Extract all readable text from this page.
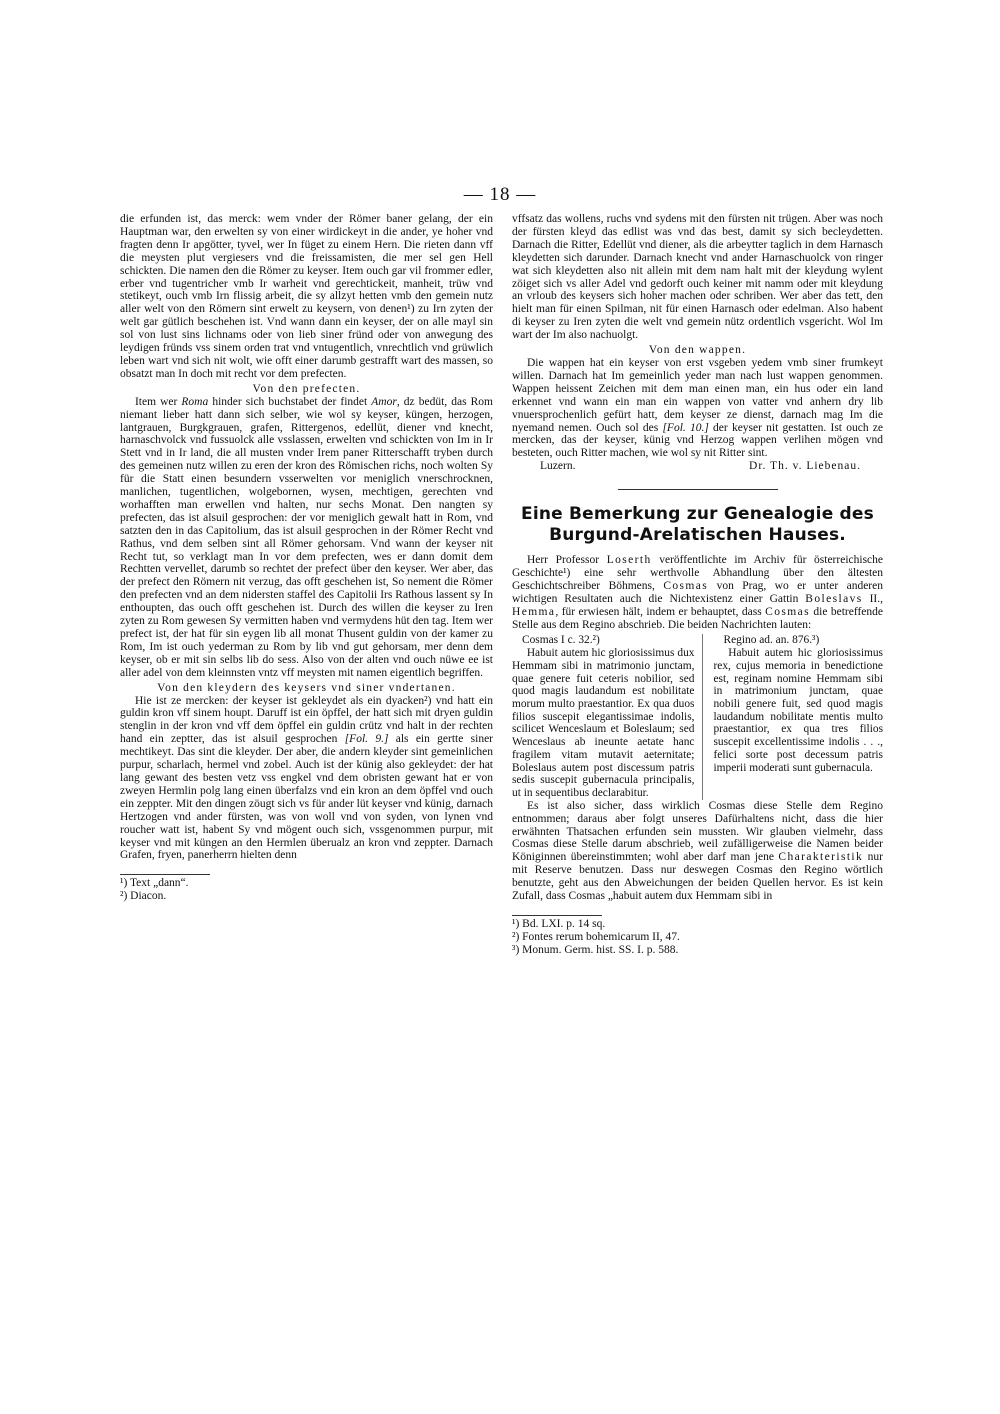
— 18 —

die erfunden ist, das merck: wem vnder der Römer baner gelang, der ein Hauptman war, den erwelten sy von einer wirdickeyt in die ander, ye hoher vnd fragten denn Ir apgötter, tyvel, wer In füget zu einem Hern. Die rieten dann vff die meysten plut vergiesers vnd die freissamisten, die mer sel gen Hell schickten. Die namen den die Römer zu keyser. Item ouch gar vil frommer edler, erber vnd tugentricher vmb Ir warheit vnd gerechtickeit, manheit, trüw vnd stetikeyt, ouch vmb Irn flissig arbeit, die sy allzyt hetten vmb den gemein nutz aller welt von den Römern sint erwelt zu keysern, von denen¹) zu Irn zyten der welt gar gütlich beschehen ist. Vnd wann dann ein keyser, der on alle mayl sin sol von lust sins lichnams oder von lieb siner fründ oder von anwegung des leydigen fründs vss sinem orden trat vnd vntugentlich, vnrechtlich vnd grüwlich leben wart vnd sich nit wolt, wie offt einer darumb gestrafft wart des massen, so obsatzt man In doch mit recht vor dem prefecten.

Von den prefecten.

Item wer Roma hinder sich buchstabet der findet Amor, dz bedüt, das Rom niemant lieber hatt dann sich selber, wie wol sy keyser, küngen, herzogen, lantgrauen, Burgkgrauen, grafen, Rittergenos, edellüt, diener vnd knecht, harnaschvolck vnd fussuolck alle vsslassen, erwelten vnd schickten von Im in Ir Stett vnd in Ir land, die all musten vnder Irem paner Ritterschafft tryben durch des gemeinen nutz willen zu eren der kron des Römischen richs, noch wolten Sy für die Statt einen besundern vsserwelten vor meniglich vnerschrocknen, manlichen, tugentlichen, wolgebornen, wysen, mechtigen, gerechten vnd worhafften man erwellen vnd halten, nur sechs Monat. Den nangten sy prefecten, das ist alsuil gesprochen: der vor meniglich gewalt hatt in Rom, vnd satzten den in das Capitolium, das ist alsuil gesprochen in der Römer Recht vnd Rathus, vnd dem selben sint all Römer gehorsam. Vnd wann der keyser nit Recht tut, so verklagt man In vor dem prefecten, wes er dann domit dem Rechtten vervellet, darumb so rechtet der prefect über den keyser. Wer aber, das der prefect den Römern nit verzug, das offt geschehen ist, So nement die Römer den prefecten vnd an dem nidersten staffel des Capitolii Irs Rathous lassent sy In enthoupten, das ouch offt geschehen ist. Durch des willen die keyser zu Iren zyten zu Rom gewesen Sy vermitten haben vnd vermydens hüt den tag. Item wer prefect ist, der hat für sin eygen lib all monat Thusent guldin von der kamer zu Rom, Im ist ouch yederman zu Rom by lib vnd gut gehorsam, mer denn dem keyser, ob er mit sin selbs lib do sess. Also von der alten vnd ouch nüwe ee ist aller adel von dem kleinnsten vntz vff meysten mit namen eigentlich begriffen.

Von den kleydern des keysers vnd siner vndertanen.

Hie ist ze mercken: der keyser ist gekleydet als ein dyacken²) vnd hatt ein guldin kron vff sinem houpt. Daruff ist ein öpffel, der hatt sich mit dryen guldin stenglin in der kron vnd vff dem öpffel ein guldin crütz vnd halt in der rechten hand ein zeptter, das ist alsuil gesprochen [Fol. 9.] als ein gertte siner mechtikeyt. Das sint die kleyder. Der aber, die andern kleyder sint gemeinlichen purpur, scharlach, hermel vnd zobel. Auch ist der künig also gekleydet: der hat lang gewant des besten vetz vss engkel vnd dem obristen gewant hat er von zweyen Hermlin polg lang einen überfalzs vnd ein kron an dem öpffel vnd ouch ein zeppter. Mit den dingen zöugt sich vs für ander lüt keyser vnd künig, darnach Hertzogen vnd ander fürsten, was von woll vnd von syden, von lynen vnd roucher watt ist, habent Sy vnd mögent ouch sich, vssgenommen purpur, mit keyser vnd mit küngen an den Hermlen überualz an kron vnd zeppter. Darnach Grafen, fryen, panerherrn hielten denn

¹) Text „dann“.
²) Diacon.

vffsatz das wollens, ruchs vnd sydens mit den fürsten nit trügen. Aber was noch der fürsten kleyd das edlist was vnd das best, damit sy sich becleydetten. Darnach die Ritter, Edellüt vnd diener, als die arbeytter taglich in dem Harnasch kleydetten sich darunder. Darnach knecht vnd ander Harnaschuolck von ringer wat sich kleydetten also nit allein mit dem nam halt mit der kleydung wylent zöiget sich vs aller Adel vnd gedorft ouch keiner mit namm oder mit kleydung an vrloub des keysers sich hoher machen oder schriben. Wer aber das tett, den hielt man für einen Spilman, nit für einen Harnasch oder edelman. Also habent di keyser zu Iren zyten die welt vnd gemein nütz ordentlich vsgericht. Wol Im wart der Im also nachuolgt.

Von den wappen.

Die wappen hat ein keyser von erst vsgeben yedem vmb siner frumkeyt willen. Darnach hat Im gemeinlich yeder man nach lust wappen genommen. Wappen heissent Zeichen mit dem man einen man, ein hus oder ein land erkennet vnd wann ein man ein wappen von vatter vnd anhern dry lib vnuersprochenlich gefürt hatt, dem keyser ze dienst, darnach mag Im die nyemand nemen. Ouch sol des [Fol. 10.] der keyser nit gestatten. Ist ouch ze mercken, das der keyser, künig vnd Herzog wappen verlihen mögen vnd besteten, ouch Ritter machen, wie wol sy nit Ritter sint.

Luzern.	Dr. Th. v. Liebenau.
Eine Bemerkung zur Genealogie des Burgund-Arelatischen Hauses.

Herr Professor Loserth veröffentlichte im Archiv für österreichische Geschichte¹) eine sehr werthvolle Abhandlung über den ältesten Geschichtschreiber Böhmens, Cosmas von Prag, wo er unter anderen wichtigen Resultaten auch die Nichtexistenz einer Gattin Boleslavs II., Hemma, für erwiesen hält, indem er behauptet, dass Cosmas die betreffende Stelle aus dem Regino abschrieb. Die beiden Nachrichten lauten:

Cosmas I c. 32.²)
Habuit autem hic gloriosissimus dux Hemmam sibi in matrimonio junctam, quae genere fuit ceteris nobilior, sed quod magis laudandum est nobilitate morum multo praestantior. Ex qua duos filios suscepit elegantissimae indolis, scilicet Wenceslaum et Boleslaum; sed Wenceslaus ab ineunte aetate hanc fragilem vitam mutavit aeternitate; Boleslaus autem post discessum patris sedis suscepit gubernacula principalis, ut in sequentibus declarabitur.
Regino ad. an. 876.³)
Habuit autem hic gloriosissimus rex, cujus memoria in benedictione est, reginam nomine Hemmam sibi in matrimonium junctam, quae nobili genere fuit, sed quod magis laudandum nobilitate mentis multo praestantior, ex qua tres filios suscepit excellentissime indolis . . ., felici sorte post decessum patris imperii moderati sunt gubernacula.

Es ist also sicher, dass wirklich Cosmas diese Stelle dem Regino entnommen; daraus aber folgt unseres Dafürhaltens nicht, dass die hier erwähnten Thatsachen erfunden sein mussten. Wir glauben vielmehr, dass Cosmas diese Stelle darum abschrieb, weil zufälligerweise die Namen beider Königinnen übereinstimmten; wohl aber darf man jene Charakteristik nur mit Reserve benutzen. Dass nur deswegen Cosmas den Regino wörtlich benutzte, geht aus den Abweichungen der beiden Quellen hervor. Es ist kein Zufall, dass Cosmas „habuit autem dux Hemmam sibi in

¹) Bd. LXI. p. 14 sq.
²) Fontes rerum bohemicarum II, 47.
³) Monum. Germ. hist. SS. I. p. 588.
